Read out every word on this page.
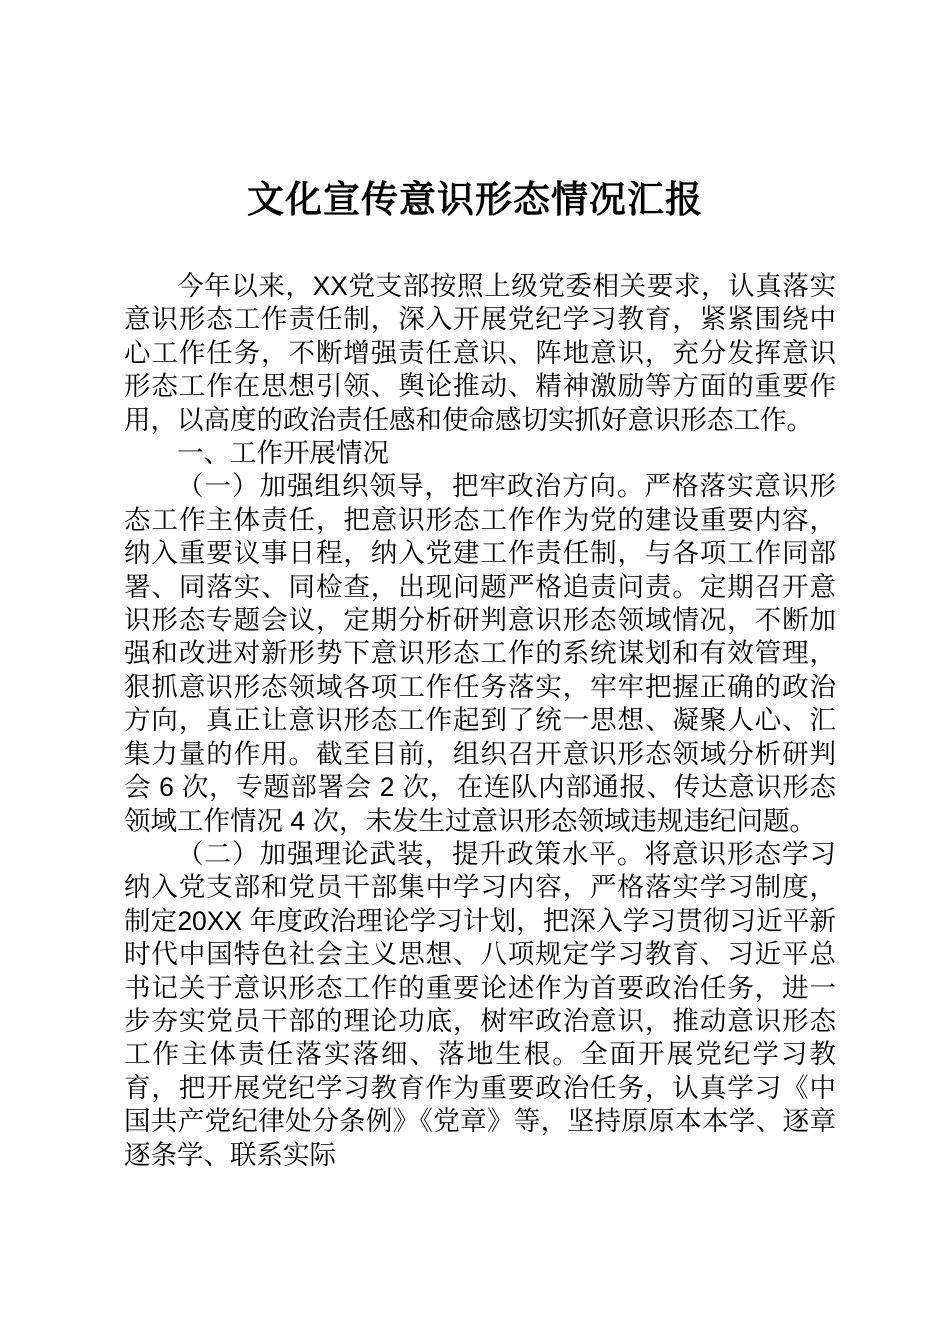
文化宣传意识形态情况汇报

今年以来，XX党支部按照上级党委相关要求，认真落实意识形态工作责任制，深入开展党纪学习教育，紧紧围绕中心工作任务，不断增强责任意识、阵地意识，充分发挥意识形态工作在思想引领、舆论推动、精神激励等方面的重要作用，以高度的政治责任感和使命感切实抓好意识形态工作。

一、工作开展情况

（一）加强组织领导，把牢政治方向。严格落实意识形态工作主体责任，把意识形态工作作为党的建设重要内容，纳入重要议事日程，纳入党建工作责任制，与各项工作同部署、同落实、同检查，出现问题严格追责问责。定期召开意识形态专题会议，定期分析研判意识形态领域情况，不断加强和改进对新形势下意识形态工作的系统谋划和有效管理，狠抓意识形态领域各项工作任务落实，牢牢把握正确的政治方向，真正让意识形态工作起到了统一思想、凝聚人心、汇集力量的作用。截至目前，组织召开意识形态领域分析研判会 6 次，专题部署会 2 次，在连队内部通报、传达意识形态领域工作情况 4 次，未发生过意识形态领域违规违纪问题。

（二）加强理论武装，提升政策水平。将意识形态学习纳入党支部和党员干部集中学习内容，严格落实学习制度，制定20XX 年度政治理论学习计划，把深入学习贯彻习近平新时代中国特色社会主义思想、八项规定学习教育、习近平总书记关于意识形态工作的重要论述作为首要政治任务，进一步夯实党员干部的理论功底，树牢政治意识，推动意识形态工作主体责任落实落细、落地生根。全面开展党纪学习教育，把开展党纪学习教育作为重要政治任务，认真学习《中国共产党纪律处分条例》《党章》等，坚持原原本本学、逐章逐条学、联系实际
